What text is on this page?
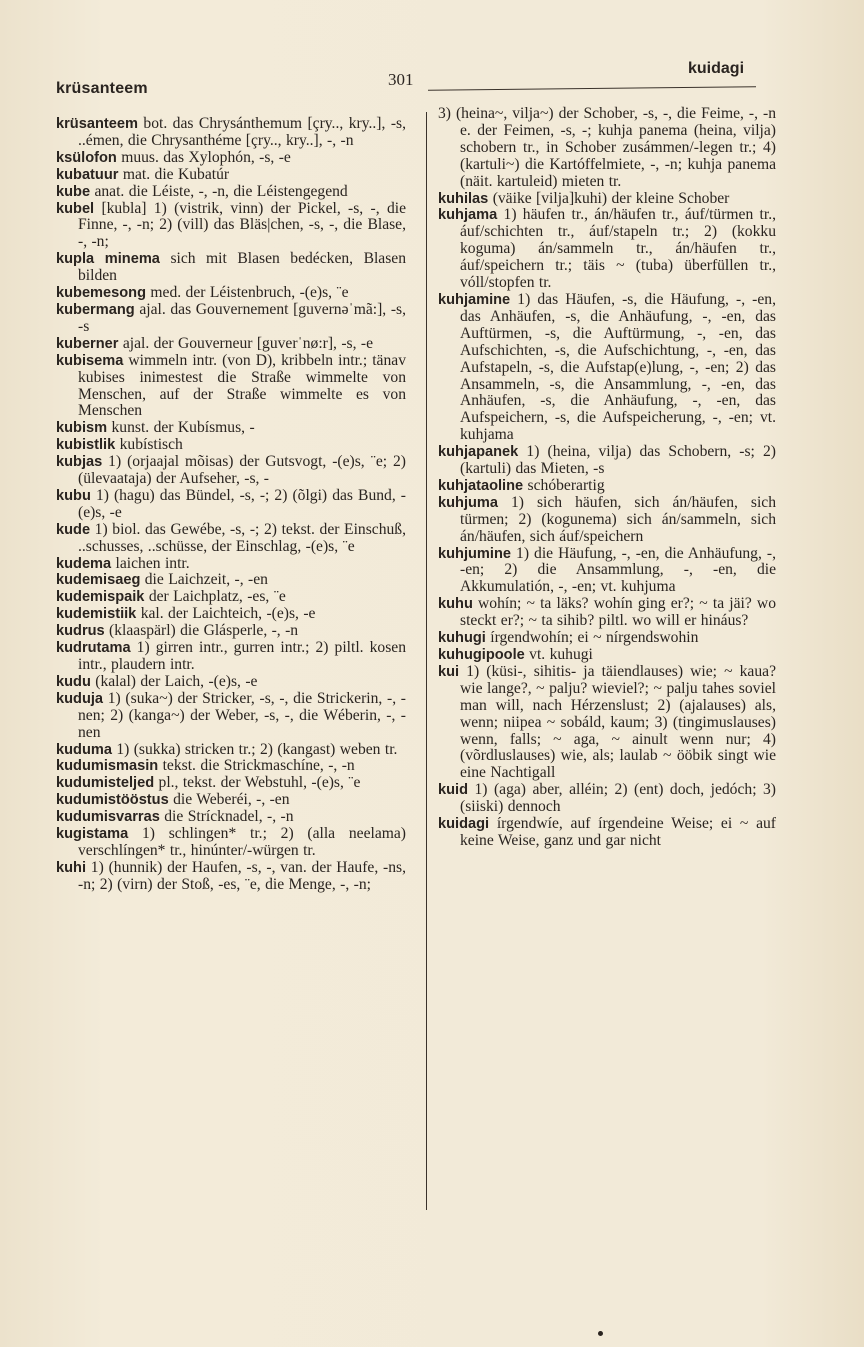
krüsanteem	301
kuidagi

krüsanteem bot. das Chrysánthemum [çry.., kry..], -s, ..émen, die Chrysanthéme [çry.., kry..], -, -n

ksülofon muus. das Xylophón, -s, -e

kubatuur mat. die Kubatúr

kube anat. die Léiste, -, -n, die Léistengegend

kubel [kubla] 1) (vistrik, vinn) der Pickel, -s, -, die Finne, -, -n; 2) (vill) das Bläs|chen, -s, -, die Blase, -, -n;

kupla minema sich mit Blasen bedécken, Blasen bilden

kubemesong med. der Léistenbruch, -(e)s, ¨e

kubermang ajal. das Gouvernement [guvernəˈmã:], -s, -s

kuberner ajal. der Gouverneur [guverˈnø:r], -s, -e

kubisema wimmeln intr. (von D), kribbeln intr.; tänav kubises inimestest die Straße wimmelte von Menschen, auf der Straße wimmelte es von Menschen

kubism kunst. der Kubísmus, -

kubistlik kubístisch

kubjas 1) (orjaajal mõisas) der Gutsvogt, -(e)s, ¨e; 2) (ülevaataja) der Aufseher, -s, -

kubu 1) (hagu) das Bündel, -s, -; 2) (õlgi) das Bund, -(e)s, -e

kude 1) biol. das Gewébe, -s, -; 2) tekst. der Einschuß, ..schusses, ..schüsse, der Einschlag, -(e)s, ¨e

kudema laichen intr.

kudemisaeg die Laichzeit, -, -en

kudemispaik der Laichplatz, -es, ¨e

kudemistiik kal. der Laichteich, -(e)s, -e

kudrus (klaaspärl) die Glásperle, -, -n

kudrutama 1) girren intr., gurren intr.; 2) piltl. kosen intr., plaudern intr.

kudu (kalal) der Laich, -(e)s, -e

kuduja 1) (suka~) der Stricker, -s, -, die Strickerin, -, -nen; 2) (kanga~) der Weber, -s, -, die Wéberin, -, -nen

kuduma 1) (sukka) stricken tr.; 2) (kangast) weben tr.

kudumismasin tekst. die Strickmaschíne, -, -n

kudumisteljed pl., tekst. der Webstuhl, -(e)s, ¨e

kudumistööstus die Weberéi, -, -en

kudumisvarras die Strícknadel, -, -n

kugistama 1) schlingen* tr.; 2) (alla neelama) verschlíngen* tr., hinúnter/-würgen tr.

kuhi 1) (hunnik) der Haufen, -s, -, van. der Haufe, -ns, -n; 2) (virn) der Stoß, -es, ¨e, die Menge, -, -n;

3) (heina~, vilja~) der Schober, -s, -, die Feime, -, -n e. der Feimen, -s, -; kuhja panema (heina, vilja) schobern tr., in Schober zusámmen/-legen tr.; 4) (kartuli~) die Kartóffelmiete, -, -n; kuhja panema (näit. kartuleid) mieten tr.

kuhilas (väike [vilja]kuhi) der kleine Schober

kuhjama 1) häufen tr., án/häufen tr., áuf/türmen tr., áuf/schichten tr., áuf/stapeln tr.; 2) (kokku koguma) án/sammeln tr., án/häufen tr., áuf/speichern tr.; täis ~ (tuba) überfüllen tr., vóll/stopfen tr.

kuhjamine 1) das Häufen, -s, die Häufung, -, -en, das Anhäufen, -s, die Anhäufung, -, -en, das Auftürmen, -s, die Auftürmung, -, -en, das Aufschichten, -s, die Aufschichtung, -, -en, das Aufstapeln, -s, die Aufstap(e)lung, -, -en; 2) das Ansammeln, -s, die Ansammlung, -, -en, das Anhäufen, -s, die Anhäufung, -, -en, das Aufspeichern, -s, die Aufspeicherung, -, -en; vt. kuhjama

kuhjapanek 1) (heina, vilja) das Schobern, -s; 2) (kartuli) das Mieten, -s

kuhjataoline schóberartig

kuhjuma 1) sich häufen, sich án/häufen, sich türmen; 2) (kogunema) sich án/sammeln, sich án/häufen, sich áuf/speichern

kuhjumine 1) die Häufung, -, -en, die Anhäufung, -, -en; 2) die Ansammlung, -, -en, die Akkumulatión, -, -en; vt. kuhjuma

kuhu wohín; ~ ta läks? wohín ging er?; ~ ta jäi? wo steckt er?; ~ ta sihib? piltl. wo will er hináus?

kuhugi írgendwohín; ei ~ nírgendswohin

kuhugipoole vt. kuhugi

kui 1) (küsi-, sihitis- ja täiendlauses) wie; ~ kaua? wie lange?, ~ palju? wieviel?; ~ palju tahes soviel man will, nach Hérzenslust; 2) (ajalauses) als, wenn; niipea ~ sobáld, kaum; 3) (tingimuslauses) wenn, falls; ~ aga, ~ ainult wenn nur; 4) (võrdluslauses) wie, als; laulab ~ ööbik singt wie eine Nachtigall

kuid 1) (aga) aber, alléin; 2) (ent) doch, jedóch; 3) (siiski) dennoch

kuidagi írgendwíe, auf írgendeine Weise; ei ~ auf keine Weise, ganz und gar nicht
